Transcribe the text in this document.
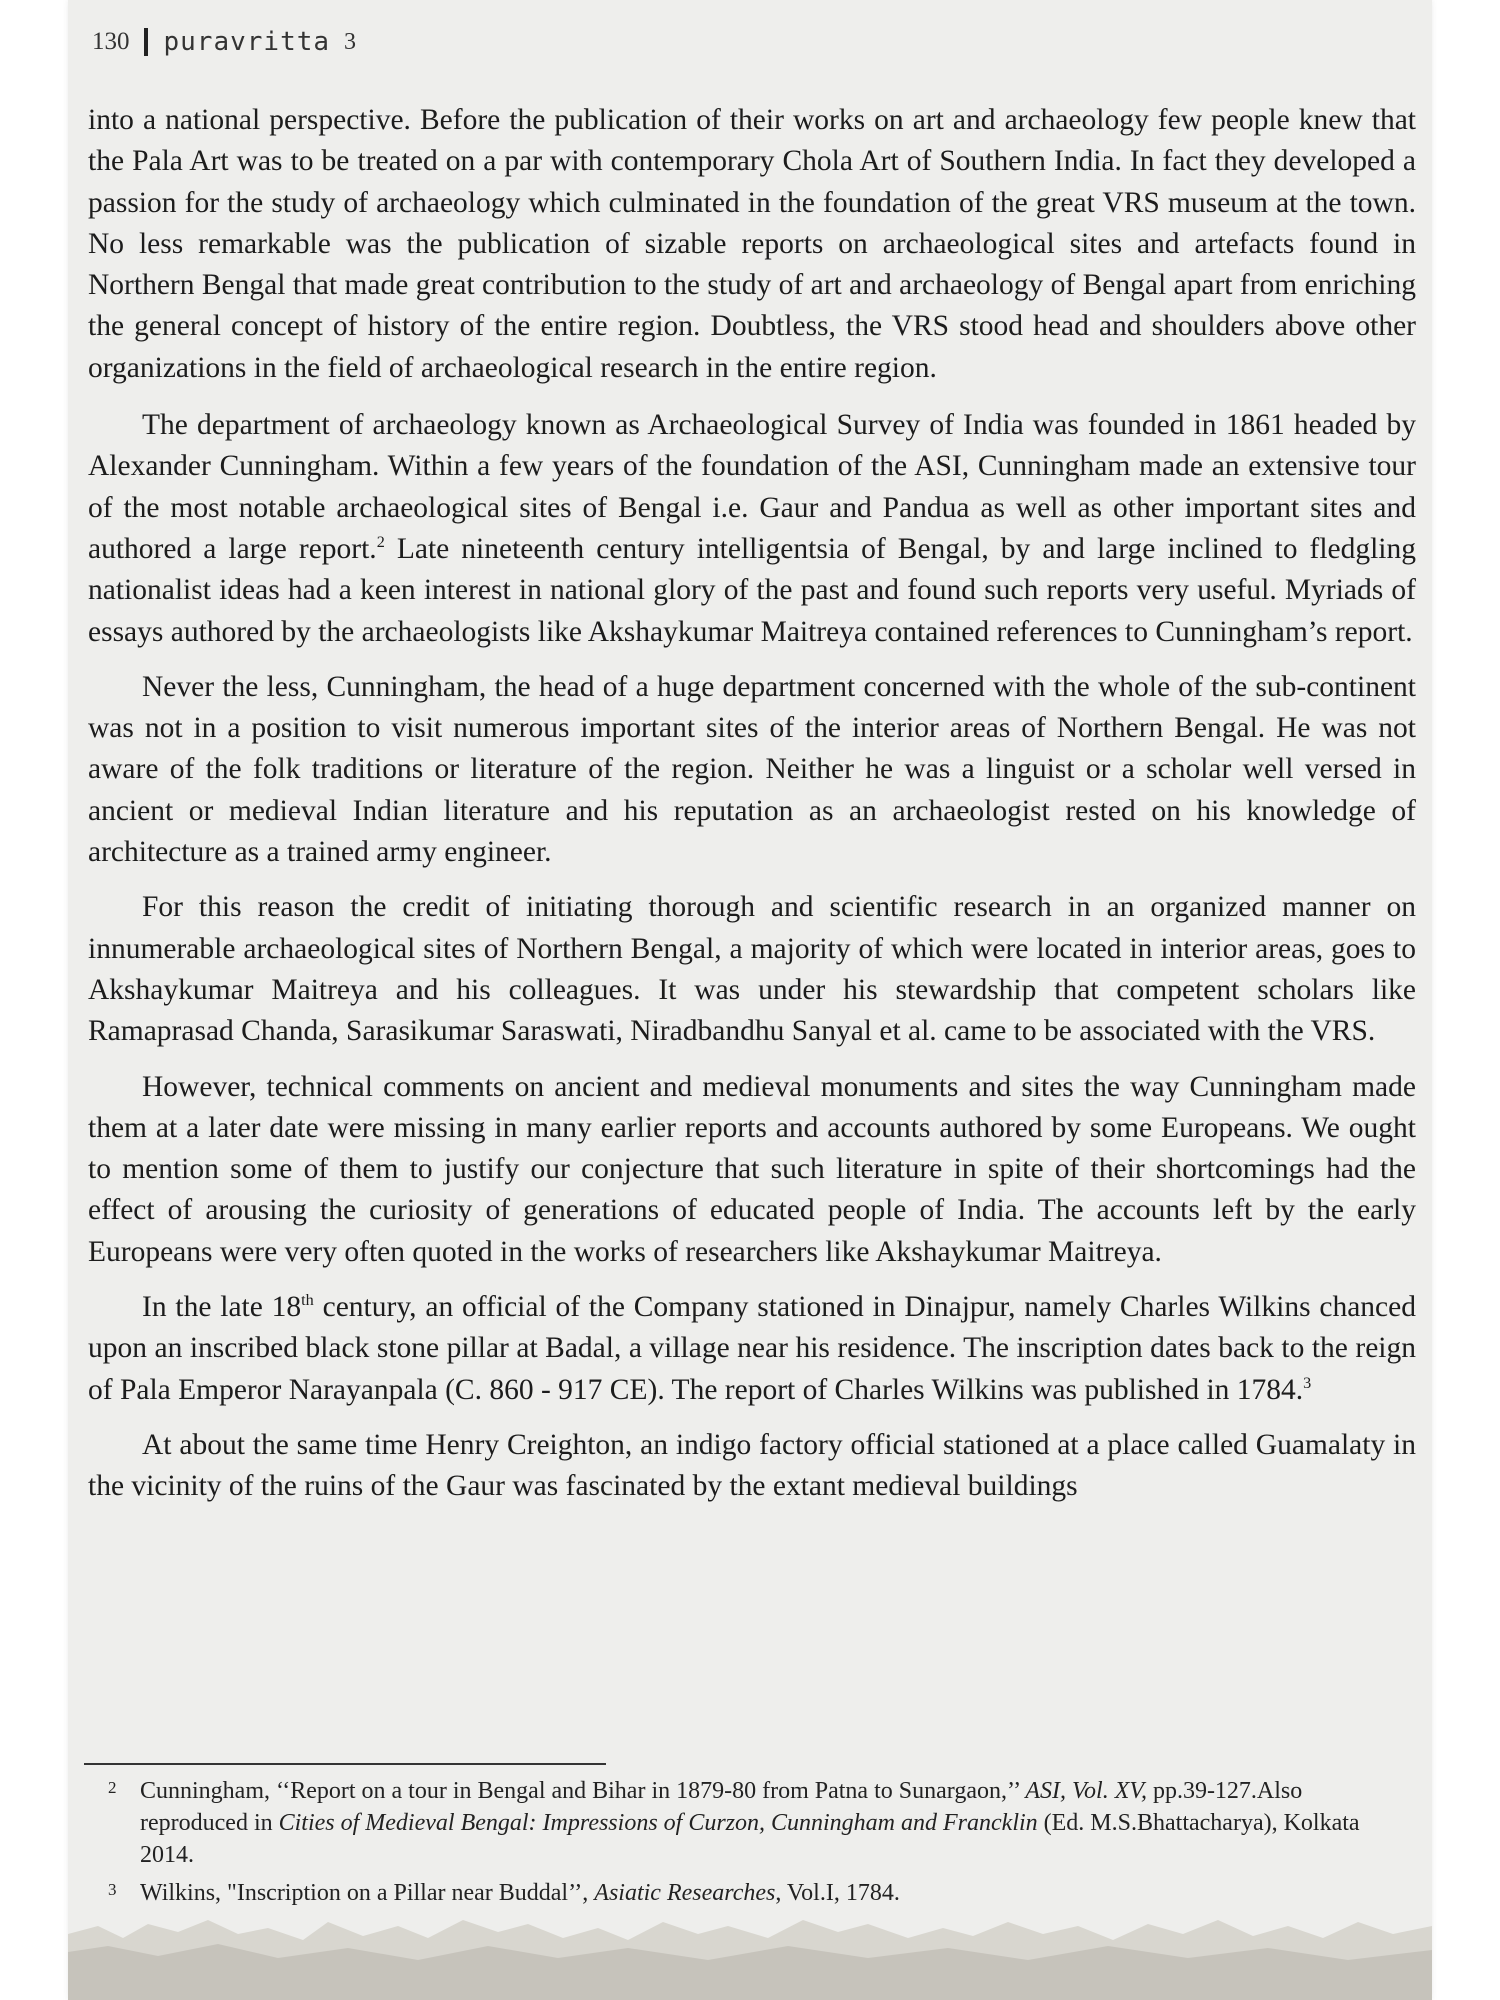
130 puravritta 3

into a national perspective. Before the publication of their works on art and archaeology few people knew that the Pala Art was to be treated on a par with contemporary Chola Art of Southern India. In fact they developed a passion for the study of archaeology which culminated in the foundation of the great VRS museum at the town. No less remarkable was the publication of sizable reports on archaeological sites and artefacts found in Northern Bengal that made great contribution to the study of art and archaeology of Bengal apart from enriching the general concept of history of the entire region. Doubtless, the VRS stood head and shoulders above other organizations in the field of archaeological research in the entire region.

The department of archaeology known as Archaeological Survey of India was founded in 1861 headed by Alexander Cunningham. Within a few years of the foundation of the ASI, Cunningham made an extensive tour of the most notable archaeological sites of Bengal i.e. Gaur and Pandua as well as other important sites and authored a large report.$^2$ Late nineteenth century intelligentsia of Bengal, by and large inclined to fledgling nationalist ideas had a keen interest in national glory of the past and found such reports very useful. Myriads of essays authored by the archaeologists like Akshaykumar Maitreya contained references to Cunningham’s report.

Never the less, Cunningham, the head of a huge department concerned with the whole of the sub-continent was not in a position to visit numerous important sites of the interior areas of Northern Bengal. He was not aware of the folk traditions or literature of the region. Neither he was a linguist or a scholar well versed in ancient or medieval Indian literature and his reputation as an archaeologist rested on his knowledge of architecture as a trained army engineer.

For this reason the credit of initiating thorough and scientific research in an organized manner on innumerable archaeological sites of Northern Bengal, a majority of which were located in interior areas, goes to Akshaykumar Maitreya and his colleagues. It was under his stewardship that competent scholars like Ramaprasad Chanda, Sarasikumar Saraswati, Niradbandhu Sanyal et al. came to be associated with the VRS.

However, technical comments on ancient and medieval monuments and sites the way Cunningham made them at a later date were missing in many earlier reports and accounts authored by some Europeans. We ought to mention some of them to justify our conjecture that such literature in spite of their shortcomings had the effect of arousing the curiosity of generations of educated people of India. The accounts left by the early Europeans were very often quoted in the works of researchers like Akshaykumar Maitreya.

In the late 18th century, an official of the Company stationed in Dinajpur, namely Charles Wilkins chanced upon an inscribed black stone pillar at Badal, a village near his residence. The inscription dates back to the reign of Pala Emperor Narayanpala (C. 860 - 917 CE). The report of Charles Wilkins was published in 1784.$^3$

At about the same time Henry Creighton, an indigo factory official stationed at a place called Guamalaty in the vicinity of the ruins of the Gaur was fascinated by the extant medieval buildings

2 Cunningham, ‘‘Report on a tour in Bengal and Bihar in 1879-80 from Patna to Sunargaon,’’ ASI, Vol. XV, pp.39-127.Also reproduced in Cities of Medieval Bengal: Impressions of Curzon, Cunningham and Francklin (Ed. M.S.Bhattacharya), Kolkata 2014.
3 Wilkins, "Inscription on a Pillar near Buddal’’, Asiatic Researches, Vol.I, 1784.
